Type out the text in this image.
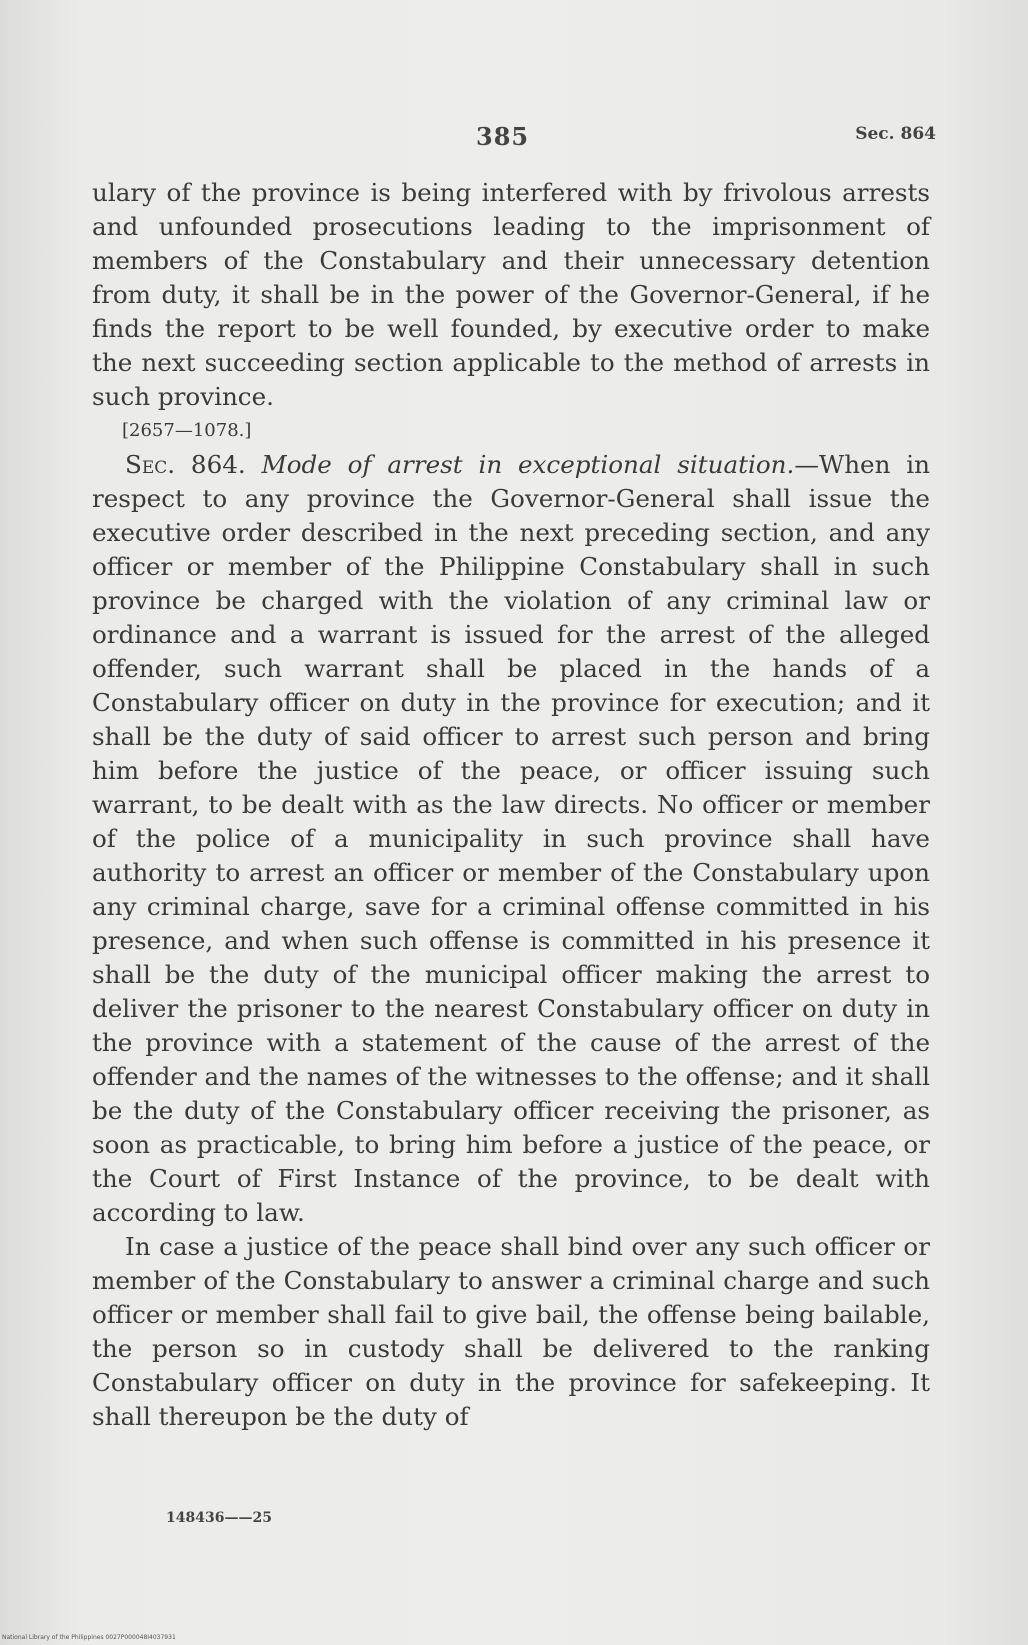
385	Sec. 864

ulary of the province is being interfered with by frivolous arrests and unfounded prosecutions leading to the imprisonment of members of the Constabulary and their unnecessary detention from duty, it shall be in the power of the Governor-General, if he finds the report to be well founded, by executive order to make the next succeeding section applicable to the method of arrests in such province.

[2657—1078.]

Sec. 864. Mode of arrest in exceptional situation.—When in respect to any province the Governor-General shall issue the executive order described in the next preceding section, and any officer or member of the Philippine Constabulary shall in such province be charged with the violation of any criminal law or ordinance and a warrant is issued for the arrest of the alleged offender, such warrant shall be placed in the hands of a Constabulary officer on duty in the province for execution; and it shall be the duty of said officer to arrest such person and bring him before the justice of the peace, or officer issuing such warrant, to be dealt with as the law directs. No officer or member of the police of a municipality in such province shall have authority to arrest an officer or member of the Constabulary upon any criminal charge, save for a criminal offense committed in his presence, and when such offense is committed in his presence it shall be the duty of the municipal officer making the arrest to deliver the prisoner to the nearest Constabulary officer on duty in the province with a statement of the cause of the arrest of the offender and the names of the witnesses to the offense; and it shall be the duty of the Constabulary officer receiving the prisoner, as soon as practicable, to bring him before a justice of the peace, or the Court of First Instance of the province, to be dealt with according to law.

In case a justice of the peace shall bind over any such officer or member of the Constabulary to answer a criminal charge and such officer or member shall fail to give bail, the offense being bailable, the person so in custody shall be delivered to the ranking Constabulary officer on duty in the province for safekeeping. It shall thereupon be the duty of

148436——25
National Library of the Philippines 0027P000048I4037931
